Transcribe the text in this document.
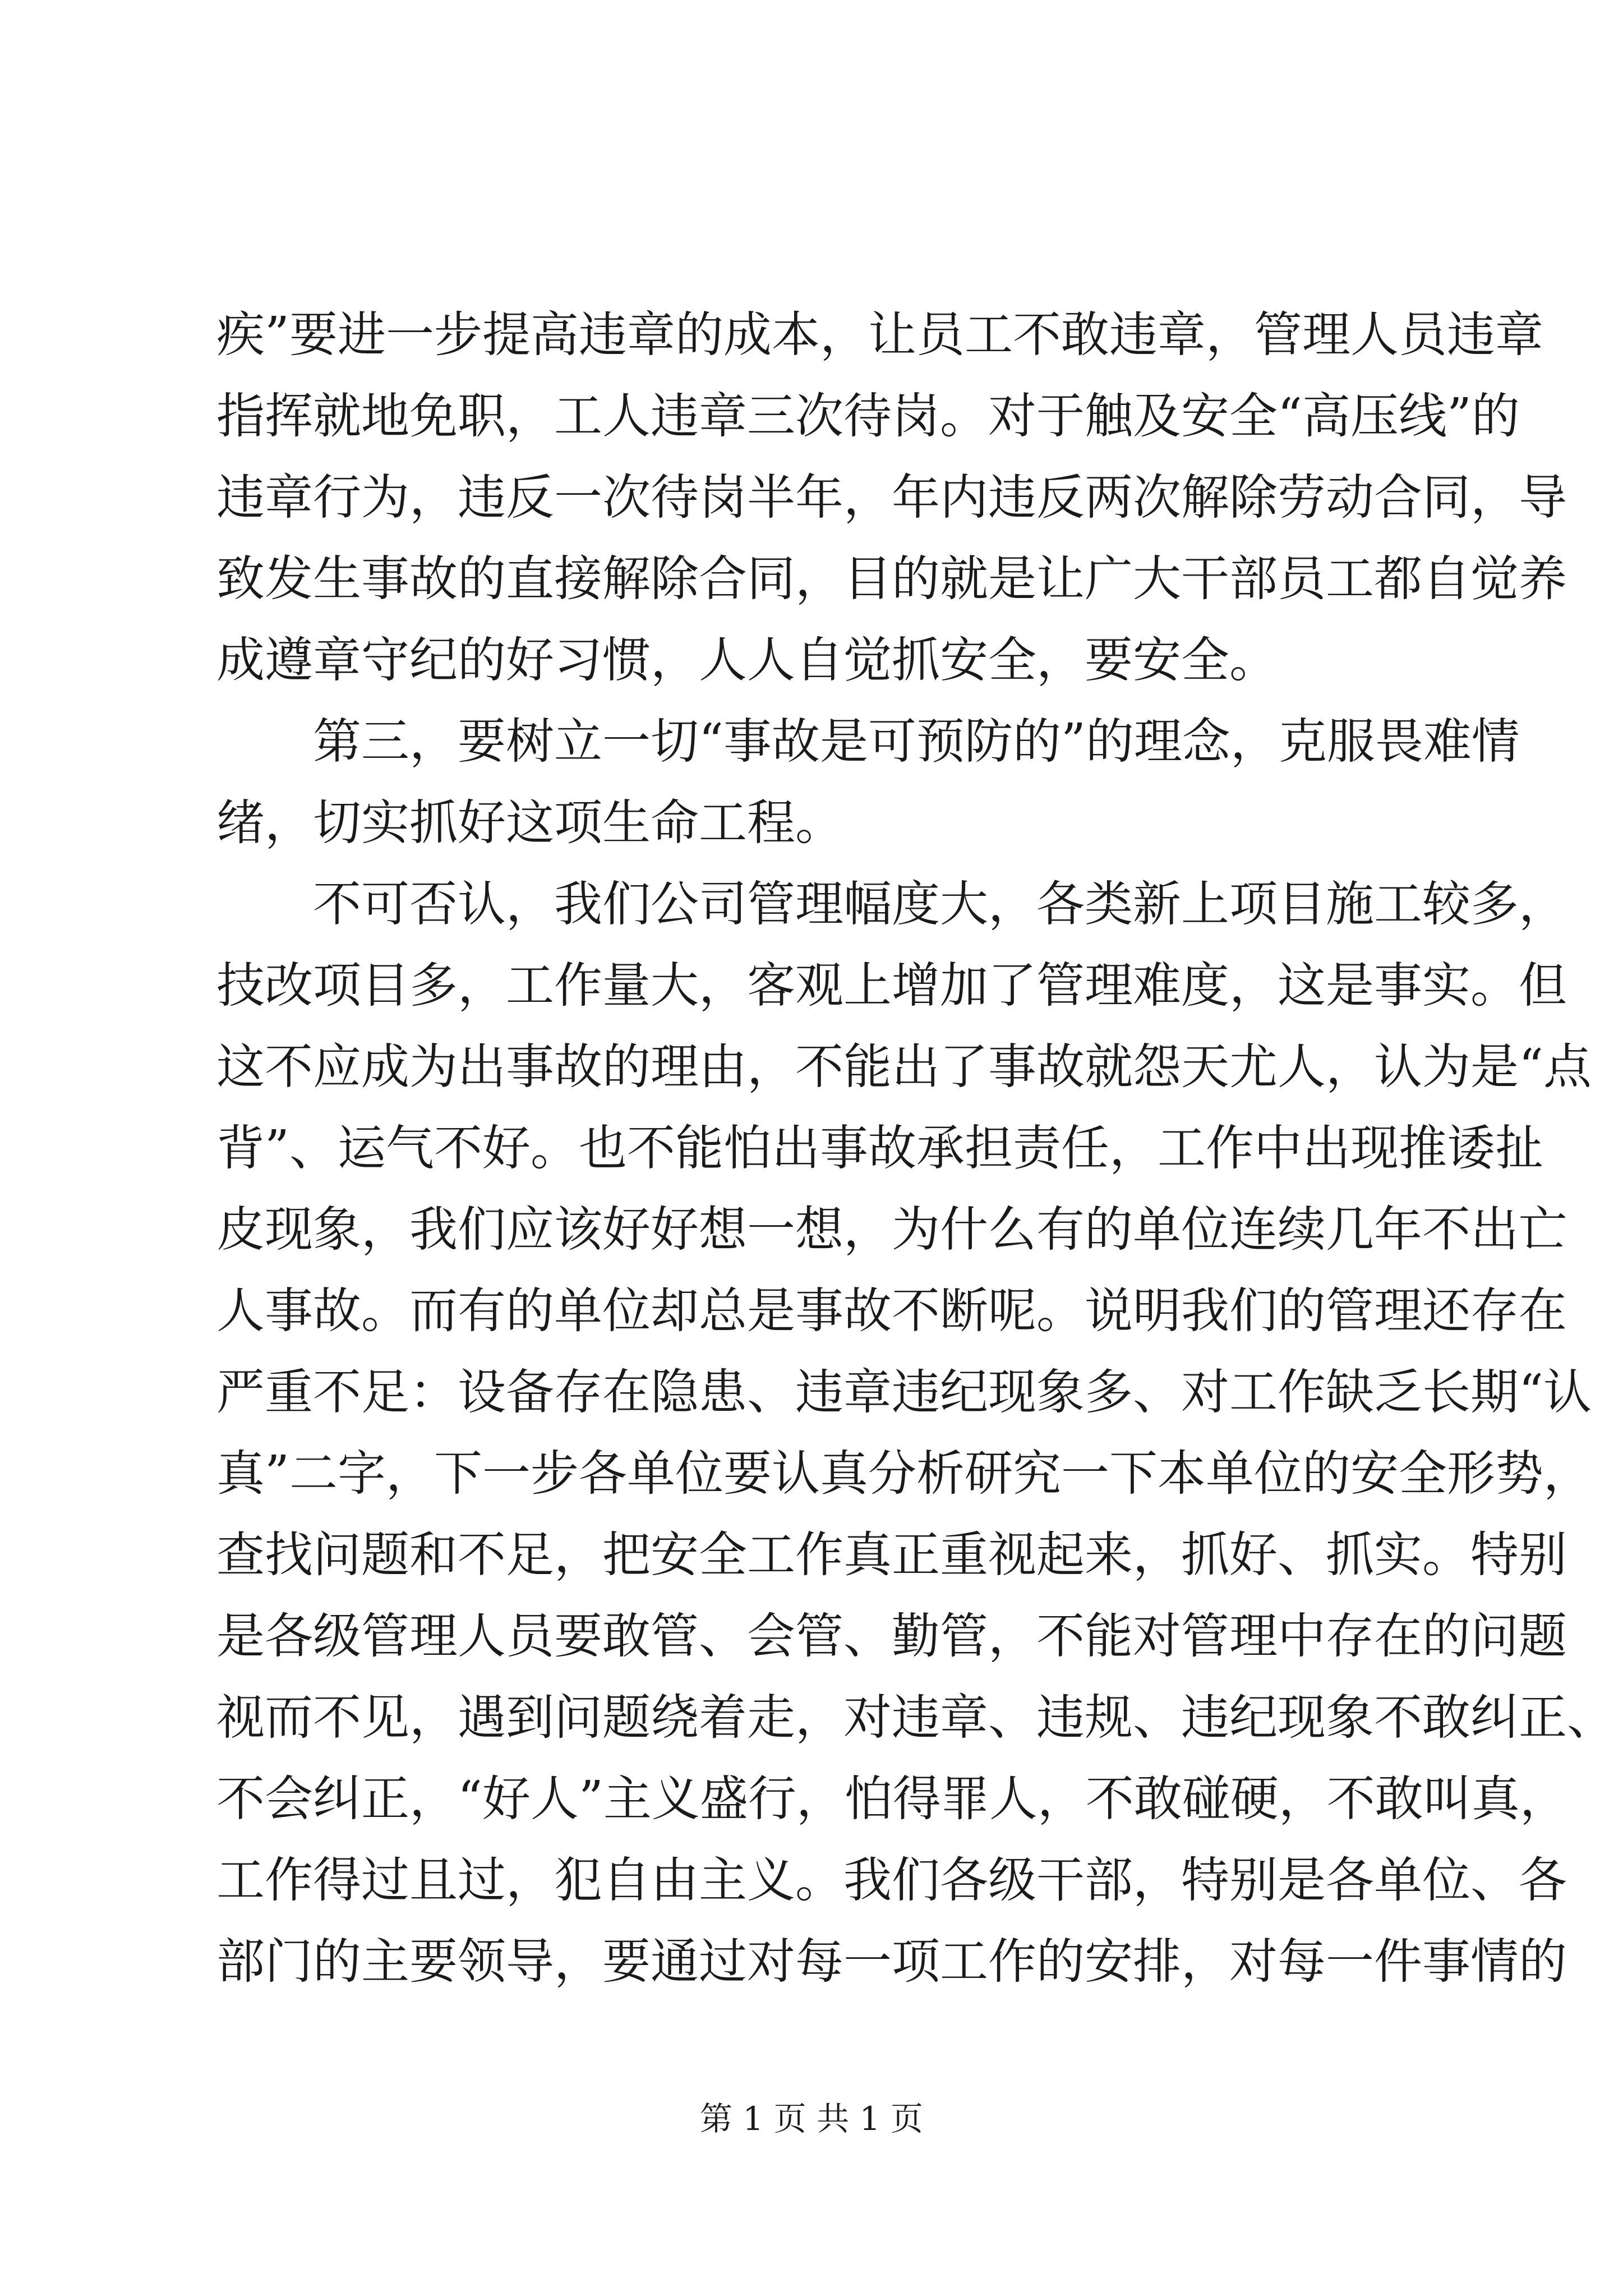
疾”要进一步提高违章的成本，让员工不敢违章，管理人员违章
指挥就地免职，工人违章三次待岗。对于触及安全“高压线”的
违章行为，违反一次待岗半年，年内违反两次解除劳动合同，导
致发生事故的直接解除合同，目的就是让广大干部员工都自觉养
成遵章守纪的好习惯，人人自觉抓安全，要安全。
　　第三，要树立一切“事故是可预防的”的理念，克服畏难情
绪，切实抓好这项生命工程。
　　不可否认，我们公司管理幅度大，各类新上项目施工较多，
技改项目多，工作量大，客观上增加了管理难度，这是事实。但
这不应成为出事故的理由，不能出了事故就怨天尤人，认为是“点
背”、运气不好。也不能怕出事故承担责任，工作中出现推诿扯
皮现象，我们应该好好想一想，为什么有的单位连续几年不出亡
人事故。而有的单位却总是事故不断呢。说明我们的管理还存在
严重不足：设备存在隐患、违章违纪现象多、对工作缺乏长期“认
真”二字，下一步各单位要认真分析研究一下本单位的安全形势，
查找问题和不足，把安全工作真正重视起来，抓好、抓实。特别
是各级管理人员要敢管、会管、勤管，不能对管理中存在的问题
视而不见，遇到问题绕着走，对违章、违规、违纪现象不敢纠正、
不会纠正，“好人”主义盛行，怕得罪人，不敢碰硬，不敢叫真，
工作得过且过，犯自由主义。我们各级干部，特别是各单位、各
部门的主要领导，要通过对每一项工作的安排，对每一件事情的
第 1 页 共 1 页
